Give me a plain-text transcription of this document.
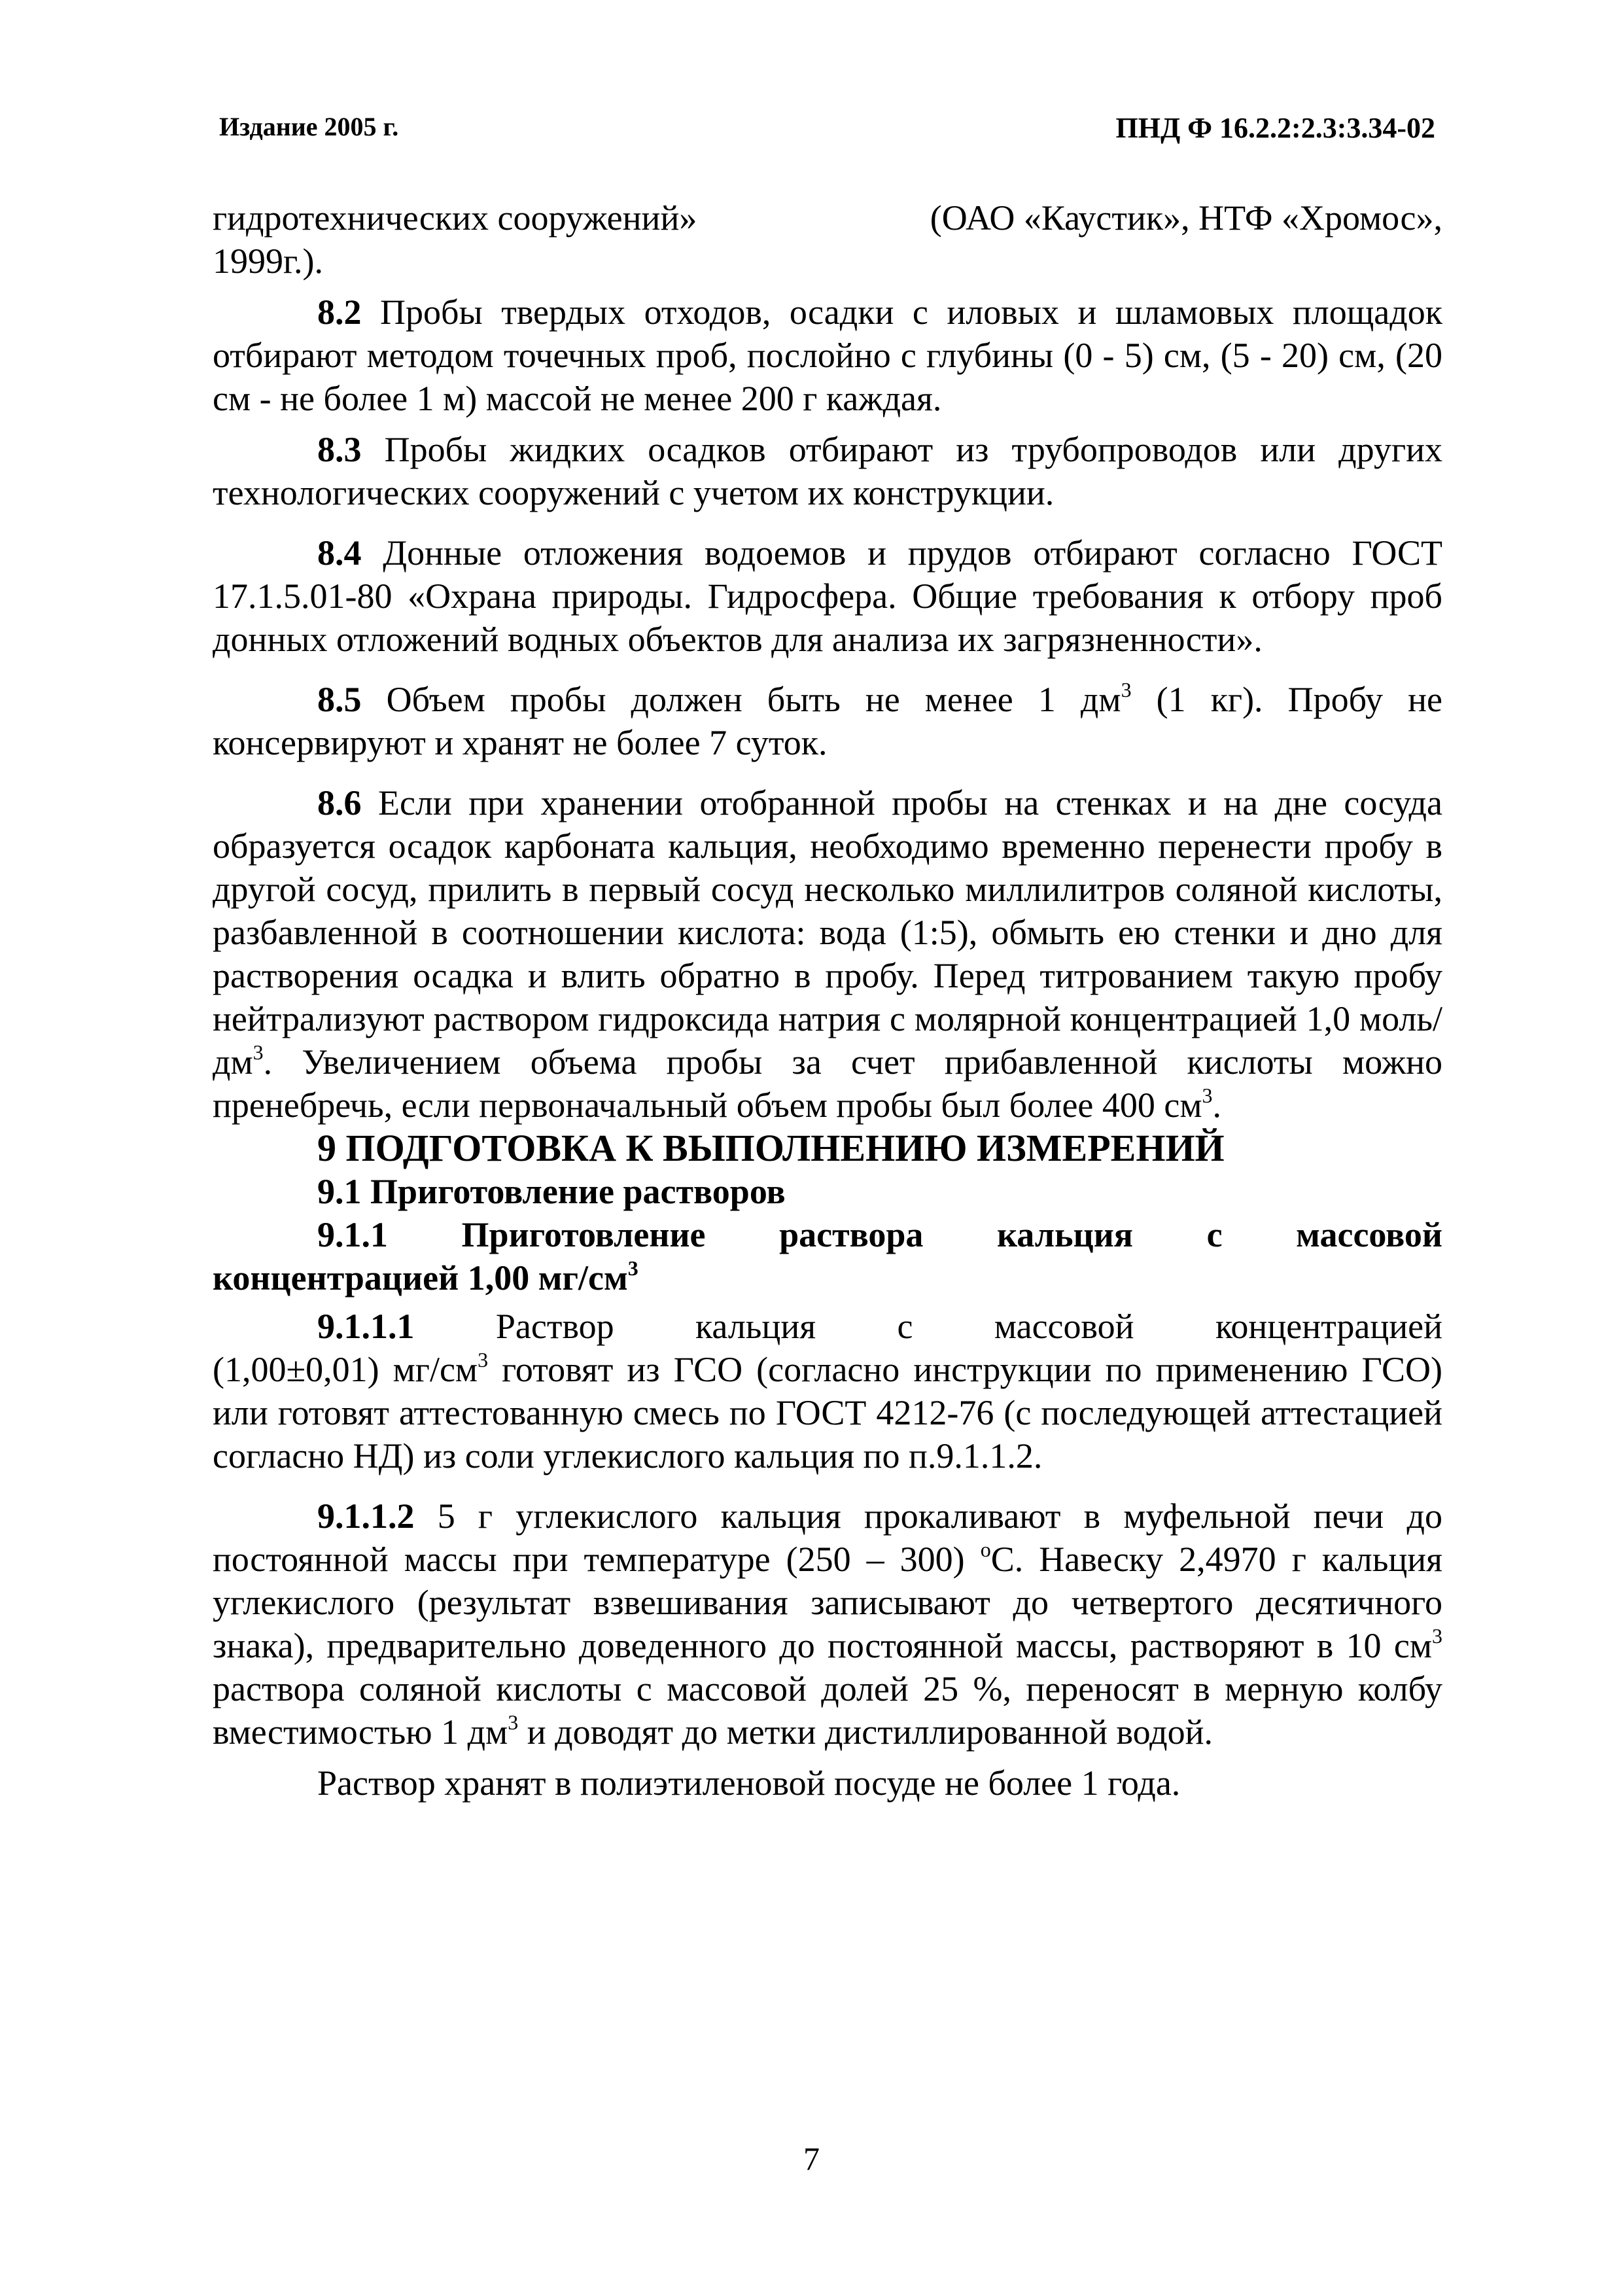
Издание 2005 г.	ПНД Ф 16.2.2:2.3:3.34-02
гидротехнических сооружений»	(ОАО «Каустик», НТФ «Хромос»,

1999г.).

8.2 Пробы твердых отходов, осадки с иловых и шламовых площадок отбирают методом точечных проб, послойно с глубины (0 - 5) см, (5 - 20) см, (20 см - не более 1 м) массой не менее 200 г каждая.

8.3 Пробы жидких осадков отбирают из трубопроводов или других технологических сооружений с учетом их конструкции.

8.4 Донные отложения водоемов и прудов отбирают согласно ГОСТ 17.1.5.01-80 «Охрана природы. Гидросфера. Общие требования к отбору проб донных отложений водных объектов для анализа их загрязненности».

8.5 Объем пробы должен быть не менее 1 $дм^3$ (1 кг). Пробу не консервируют и хранят не более 7 суток.

8.6 Если при хранении отобранной пробы на стенках и на дне сосуда образуется осадок карбоната кальция, необходимо временно перенести пробу в другой сосуд, прилить в первый сосуд несколько миллилитров соляной кислоты, разбавленной в соотношении кислота: вода (1:5), обмыть ею стенки и дно для растворения осадка и влить обратно в пробу. Перед титрованием такую пробу нейтрализуют раствором гидроксида натрия с молярной концентрацией 1,0 моль/$дм^3$. Увеличением объема пробы за счет прибавленной кислоты можно пренебречь, если первоначальный объем пробы был более 400 $см^3$.

9 ПОДГОТОВКА К ВЫПОЛНЕНИЮ ИЗМЕРЕНИЙ

9.1 Приготовление растворов

9.1.1 Приготовление раствора кальция с массовой

концентрацией 1,00 $мг/см^3$

9.1.1.1 Раствор кальция с массовой концентрацией

(1,00±0,01) $мг/см^3$ готовят из ГСО (согласно инструкции по применению ГСО) или готовят аттестованную смесь по ГОСТ 4212-76 (с последующей аттестацией согласно НД) из соли углекислого кальция по п.9.1.1.2.

9.1.1.2 5 г углекислого кальция прокаливают в муфельной печи до постоянной массы при температуре (250 – 300) $^о$С. Навеску 2,4970 г кальция углекислого (результат взвешивания записывают до четвертого десятичного знака), предварительно доведенного до постоянной массы, растворяют в 10 $см^3$ раствора соляной кислоты с массовой долей 25 %, переносят в мерную колбу вместимостью 1 $дм^3$ и доводят до метки дистиллированной водой.

Раствор хранят в полиэтиленовой посуде не более 1 года.

7
